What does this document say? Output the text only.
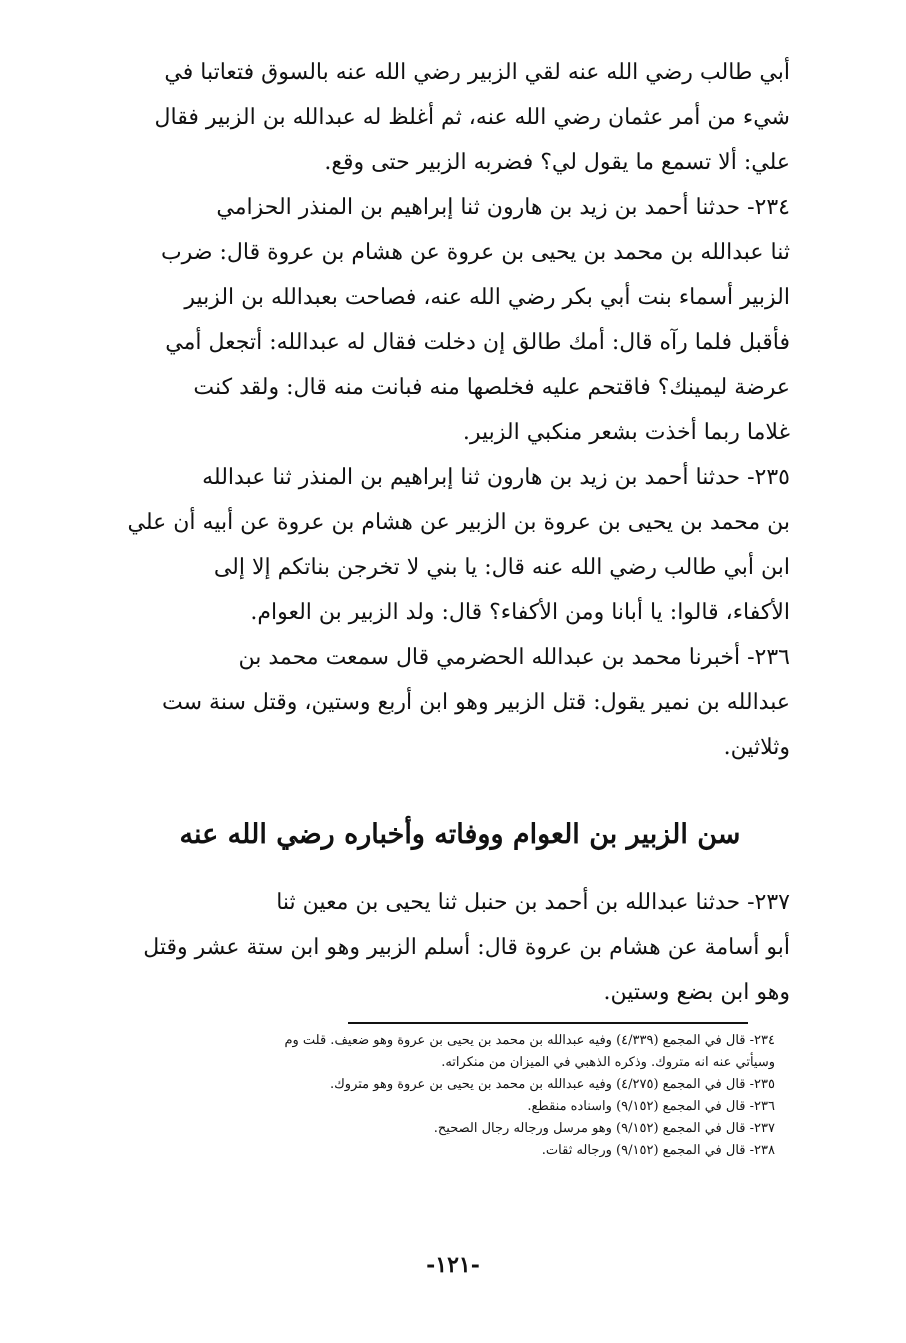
أبي طالب رضي الله عنه لقي الزبير رضي الله عنه بالسوق فتعاتبا في
شيء من أمر عثمان رضي الله عنه، ثم أغلظ له عبدالله بن الزبير فقال
علي: ألا تسمع ما يقول لي؟ فضربه الزبير حتى وقع.
٢٣٤- حدثنا أحمد بن زيد بن هارون ثنا إبراهيم بن المنذر الحزامي
ثنا عبدالله بن محمد بن يحيى بن عروة عن هشام بن عروة قال: ضرب
الزبير أسماء بنت أبي بكر رضي الله عنه، فصاحت بعبدالله بن الزبير
فأقبل فلما رآه قال: أمك طالق إن دخلت فقال له عبدالله: أتجعل أمي
عرضة ليمينك؟ فاقتحم عليه فخلصها منه فبانت منه قال: ولقد كنت
غلاما ربما أخذت بشعر منكبي الزبير.
٢٣٥- حدثنا أحمد بن زيد بن هارون ثنا إبراهيم بن المنذر ثنا عبدالله
بن محمد بن يحيى بن عروة بن الزبير عن هشام بن عروة عن أبيه أن علي
ابن أبي طالب رضي الله عنه قال: يا بني لا تخرجن بناتكم إلا إلى
الأكفاء، قالوا: يا أبانا ومن الأكفاء؟ قال: ولد الزبير بن العوام.
٢٣٦- أخبرنا محمد بن عبدالله الحضرمي قال سمعت محمد بن
عبدالله بن نمير يقول: قتل الزبير وهو ابن أربع وستين، وقتل سنة ست
وثلاثين.
سن الزبير بن العوام ووفاته وأخباره رضي الله عنه
٢٣٧- حدثنا عبدالله بن أحمد بن حنبل ثنا يحيى بن معين ثنا
أبو أسامة عن هشام بن عروة قال: أسلم الزبير وهو ابن ستة عشر وقتل
وهو ابن بضع وستين.
٢٣٤- قال في المجمع (٤/٣٣٩) وفيه عبدالله بن محمد بن يحيى بن عروة وهو ضعيف. قلت وم
وسيأتي عنه انه متروك. وذكره الذهبي في الميزان من منكراته.
٢٣٥- قال في المجمع (٤/٢٧٥) وفيه عبدالله بن محمد بن يحيى بن عروة وهو متروك.
٢٣٦- قال في المجمع (٩/١٥٢) واسناده منقطع.
٢٣٧- قال في المجمع (٩/١٥٢) وهو مرسل ورجاله رجال الصحيح.
٢٣٨- قال في المجمع (٩/١٥٢) ورجاله ثقات.
-١٢١-
